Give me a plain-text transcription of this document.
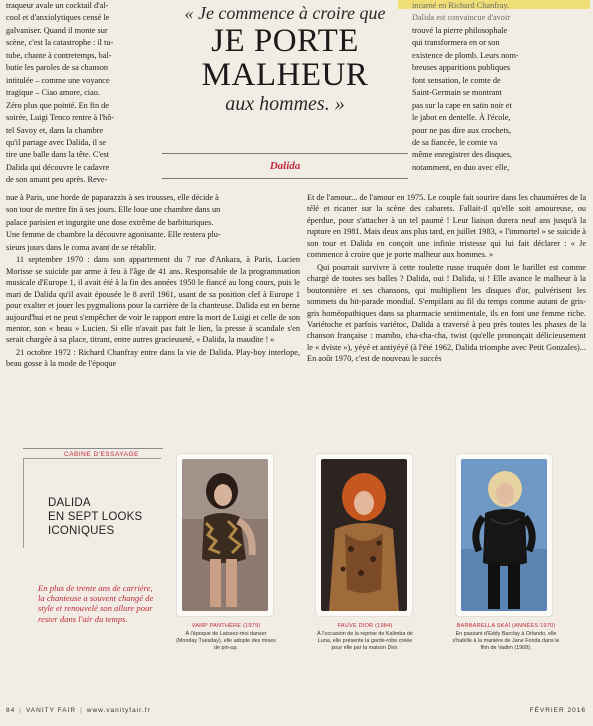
traqueur avale un cocktail d'al-

cool et d'anxiolytiques censé le

galvaniser. Quand il monte sur

scène, c'est la catastrophe : il tu-

tube, chante à contretemps, bal-

butie les paroles de sa chanson

intitulée – comme une voyance

tragique – Ciao amore, ciao.

Zéro plus que pointé. En fin de

soirée, Luigi Tenco rentre à l'hô-

tel Savoy et, dans la chambre

qu'il partage avec Dalida, il se

tire une balle dans la tête. C'est

Dalida qui découvre le cadavre

de son amant peu après. Reve-

incarné en Richard Chanfray.

Dalida est convaincue d'avoir

trouvé la pierre philosophale

qui transformera en or son

existence de plomb. Leurs nom-

breuses apparitions publiques

font sensation, le comte de

Saint-Germain se montrant

pas sur la cape en satin noir et

le jabot en dentelle. À l'école,

pour ne pas dire aux crochets,

de sa fiancée, le comte va

même enregistrer des disques,

notamment, en duo avec elle,

« Je commence à croire que
JE PORTE
MALHEUR
aux hommes. »
Dalida

nue à Paris, une horde de paparazzis à ses trousses, elle décide à

son tour de mettre fin à ses jours. Elle loue une chambre dans un

palace parisien et ingurgite une dose extrême de barbituriques.

Une femme de chambre la découvre agonisante. Elle restera plu-

sieurs jours dans le coma avant de se rétablir.

11 septembre 1970 : dans son appartement du 7 rue d'Ankara, à Paris, Lucien Morisse se suicide par arme à feu à l'âge de 41 ans. Responsable de la programmation musicale d'Europe 1, il avait été à la fin des années 1950 le fiancé au long cours, puis le mari de Dalida qu'il avait épousée le 8 avril 1961, usant de sa position clef à Europe 1 pour exalter et jouer les pygmalions pour la carrière de la chanteuse. Dalida est en berne aujourd'hui et ne peut s'empêcher de voir le rapport entre la mort de Luigi et celle de son mentor, son « beau » Lucien. Si elle n'avait pas fait le lien, la presse à scandale s'en serait chargée à sa place, titrant, entre autres gracieuseté, « Dalida, la maudite ! »

21 octobre 1972 : Richard Chanfray entre dans la vie de Dalida. Play-boy interlope, beau gosse à la mode de l'époque

Et de l'amour... de l'amour en 1975. Le couple fait sourire dans les chaumières de la télé et ricaner sur la scène des cabarets. Fallait-il qu'elle soit amoureuse, ou éperdue, pour s'attacher à un tel paumé ! Leur liaison durera neuf ans jusqu'à la rupture en 1981. Mais deux ans plus tard, en juillet 1983, « l'immortel » se suicide à son tour et Dalida en conçoit une infinie tristesse qui lui fait déclarer : « Je commence à croire que je porte malheur aux hommes. »

Qui pourrait survivre à cette roulette russe truquée dont le barillet est comme chargé de toutes ses balles ? Dalida, oui ! Dalida, si ! Elle avance le malheur à la boutonnière et ses chansons, qui multiplient les disques d'or, pulvérisent les sommets du hit-parade mondial. S'empilant au fil du temps comme autant de gris-gris homéopathiques dans sa pharmacie sentimentale, ils en font une femme riche. Variétoche et parfois variétoc, Dalida a traversé à peu près toutes les phases de la chanson française : mambo, cha-cha-cha, twist (qu'elle prononçait délicieusement le « dviste »), yéyé et antiyéyé (à l'été 1962, Dalida triomphe avec Petit Gonzales)... En août 1970, c'est de nouveau le succès

CABINE D'ESSAYAGE
DALIDA
EN SEPT LOOKS
ICONIQUES
En plus de trente ans de carrière, la chanteuse a souvent changé de style et renouvelé son allure pour rester dans l'air du temps.
VAMP PANTHÈRE (1979)
À l'époque de Laissez-moi danser (Monday Tuesday), elle adopte des mises de pin-up.
FAUVE DIOR (1984)
À l'occasion de la reprise de Kalimba de Luna, elle présente la garde-robe créée pour elle par la maison Dior.
BARBARELLA SKAÏ (ANNÉES 1970)
En passant d'Eddy Barclay à Orlando, elle s'habille à la manière de Jane Fonda dans le film de Vadim (1968).
84 | VANITY FAIR | www.vanityfair.fr	FÉVRIER 2016
